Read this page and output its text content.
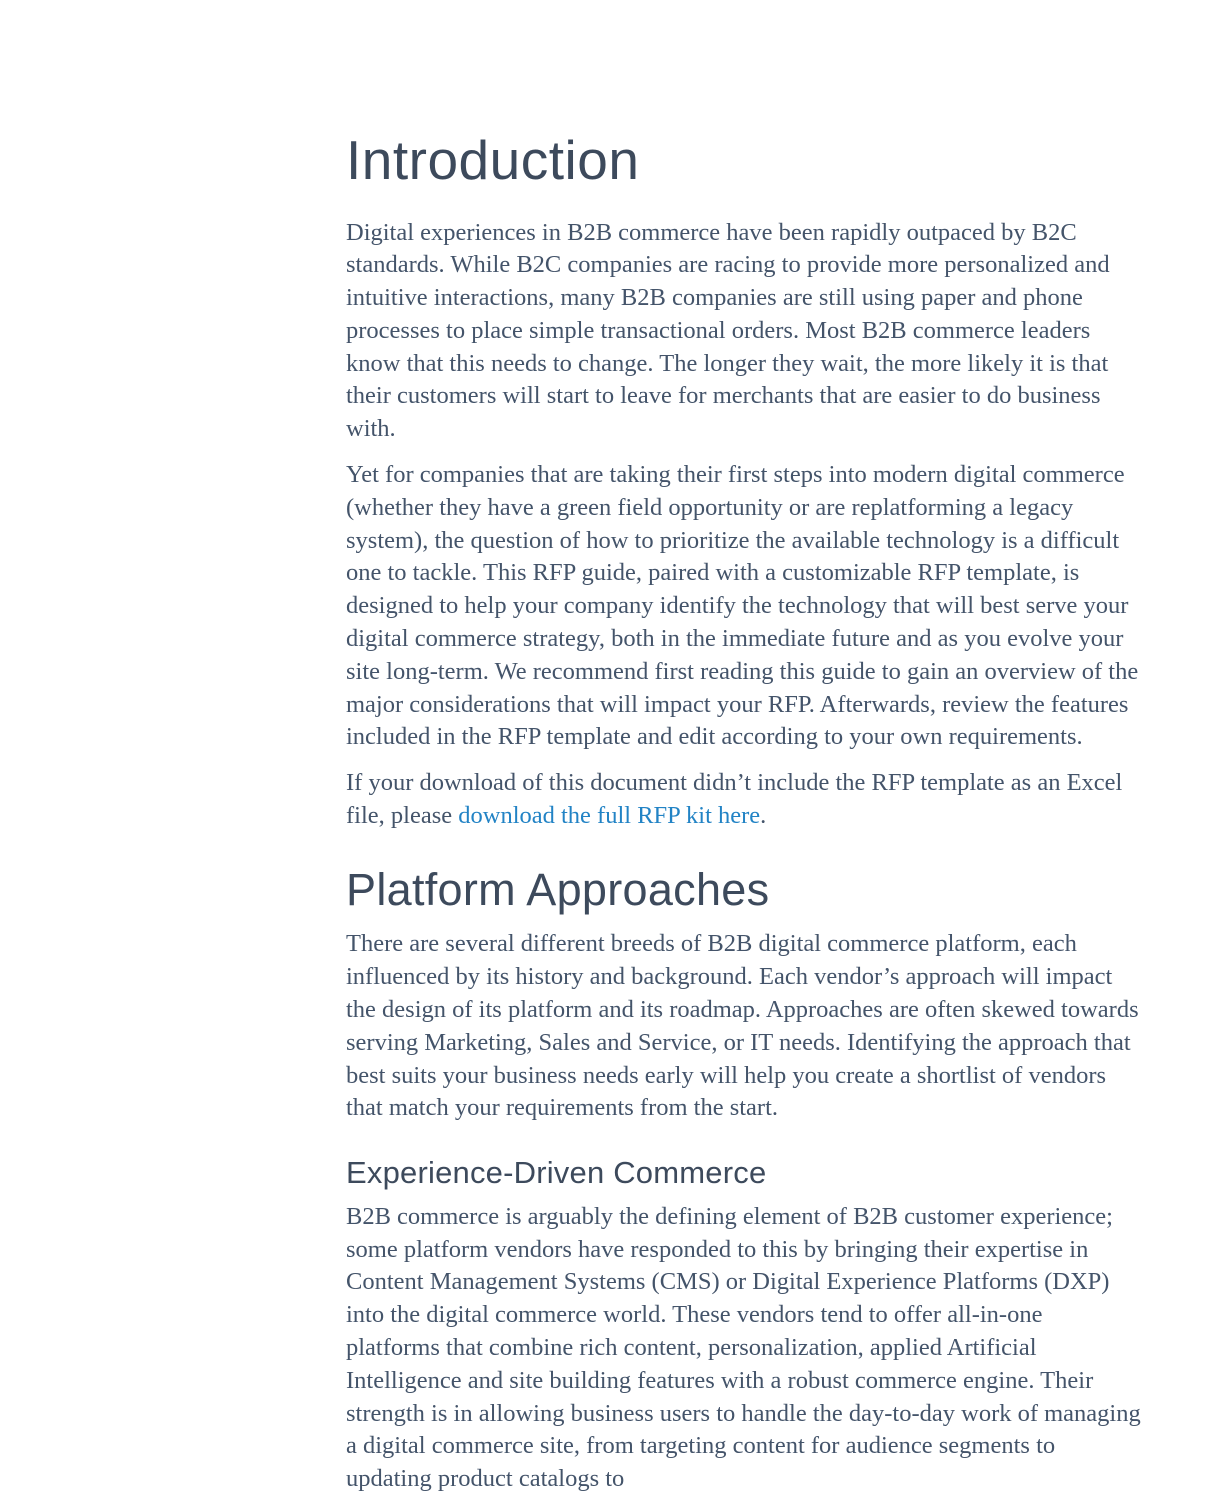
Introduction

Digital experiences in B2B commerce have been rapidly outpaced by B2C standards. While B2C companies are racing to provide more personalized and intuitive interactions, many B2B companies are still using paper and phone processes to place simple transactional orders. Most B2B commerce leaders know that this needs to change. The longer they wait, the more likely it is that their customers will start to leave for merchants that are easier to do business with.

Yet for companies that are taking their first steps into modern digital commerce (whether they have a green field opportunity or are replatforming a legacy system), the question of how to prioritize the available technology is a difficult one to tackle. This RFP guide, paired with a customizable RFP template, is designed to help your company identify the technology that will best serve your digital commerce strategy, both in the immediate future and as you evolve your site long-term. We recommend first reading this guide to gain an overview of the major considerations that will impact your RFP. Afterwards, review the features included in the RFP template and edit according to your own requirements.

If your download of this document didn’t include the RFP template as an Excel file, please download the full RFP kit here.

Platform Approaches

There are several different breeds of B2B digital commerce platform, each influenced by its history and background. Each vendor’s approach will impact the design of its platform and its roadmap. Approaches are often skewed towards serving Marketing, Sales and Service, or IT needs. Identifying the approach that best suits your business needs early will help you create a shortlist of vendors that match your requirements from the start.

Experience-Driven Commerce

B2B commerce is arguably the defining element of B2B customer experience; some platform vendors have responded to this by bringing their expertise in Content Management Systems (CMS) or Digital Experience Platforms (DXP) into the digital commerce world. These vendors tend to offer all-in-one platforms that combine rich content, personalization, applied Artificial Intelligence and site building features with a robust commerce engine. Their strength is in allowing business users to handle the day-to-day work of managing a digital commerce site, from targeting content for audience segments to updating product catalogs to
